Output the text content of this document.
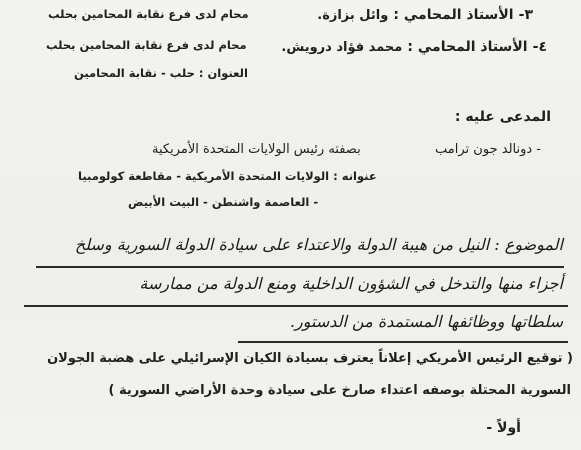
٣- الأستاذ المحامي : وائل بزازة.
محام لدى فرع نقابة المحامين بحلب
٤- الأستاذ المحامي : محمد فؤاد درويش.
محام لدى فرع نقابة المحامين بحلب
العنوان : حلب - نقابة المحامين
المدعى عليه :
- دونالد جون ترامب
بصفته رئيس الولايات المتحدة الأمريكية
عنوانه : الولايات المتحدة الأمريكية - مقاطعة كولومبيا
- العاصمة واشنطن - البيت الأبيض
الموضوع : النيل من هيبة الدولة والاعتداء على سيادة الدولة السورية وسلخ
أجزاء منها والتدخل في الشؤون الداخلية ومنع الدولة من ممارسة
سلطاتها ووظائفها المستمدة من الدستور.
( توقيع الرئيس الأمريكي إعلاناً يعترف بسيادة الكيان الإسرائيلي على هضبة الجولان
السورية المحتلة بوصفه اعتداء صارخ على سيادة وحدة الأراضي السورية )
أولاً -
